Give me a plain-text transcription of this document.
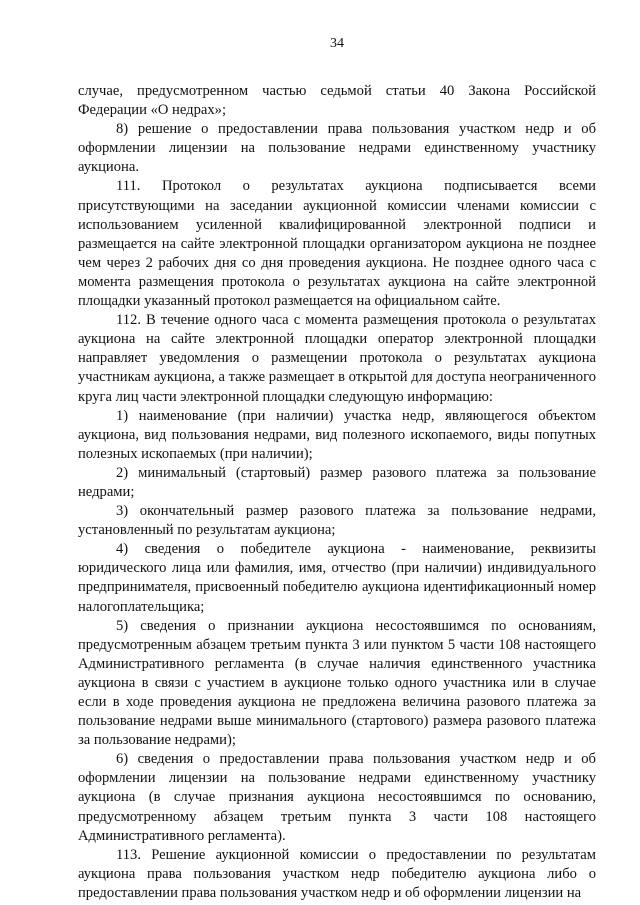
34

случае, предусмотренном частью седьмой статьи 40 Закона Российской Федерации «О недрах»;

8) решение о предоставлении права пользования участком недр и об оформлении лицензии на пользование недрами единственному участнику аукциона.

111. Протокол о результатах аукциона подписывается всеми присутствующими на заседании аукционной комиссии членами комиссии с использованием усиленной квалифицированной электронной подписи и размещается на сайте электронной площадки организатором аукциона не позднее чем через 2 рабочих дня со дня проведения аукциона. Не позднее одного часа с момента размещения протокола о результатах аукциона на сайте электронной площадки указанный протокол размещается на официальном сайте.

112. В течение одного часа с момента размещения протокола о результатах аукциона на сайте электронной площадки оператор электронной площадки направляет уведомления о размещении протокола о результатах аукциона участникам аукциона, а также размещает в открытой для доступа неограниченного круга лиц части электронной площадки следующую информацию:

1) наименование (при наличии) участка недр, являющегося объектом аукциона, вид пользования недрами, вид полезного ископаемого, виды попутных полезных ископаемых (при наличии);

2) минимальный (стартовый) размер разового платежа за пользование недрами;

3) окончательный размер разового платежа за пользование недрами, установленный по результатам аукциона;

4) сведения о победителе аукциона - наименование, реквизиты юридического лица или фамилия, имя, отчество (при наличии) индивидуального предпринимателя, присвоенный победителю аукциона идентификационный номер налогоплательщика;

5) сведения о признании аукциона несостоявшимся по основаниям, предусмотренным абзацем третьим пункта 3 или пунктом 5 части 108 настоящего Административного регламента (в случае наличия единственного участника аукциона в связи с участием в аукционе только одного участника или в случае если в ходе проведения аукциона не предложена величина разового платежа за пользование недрами выше минимального (стартового) размера разового платежа за пользование недрами);

6) сведения о предоставлении права пользования участком недр и об оформлении лицензии на пользование недрами единственному участнику аукциона (в случае признания аукциона несостоявшимся по основанию, предусмотренному абзацем третьим пункта 3 части 108 настоящего Административного регламента).

113. Решение аукционной комиссии о предоставлении по результатам аукциона права пользования участком недр победителю аукциона либо о предоставлении права пользования участком недр и об оформлении лицензии на
